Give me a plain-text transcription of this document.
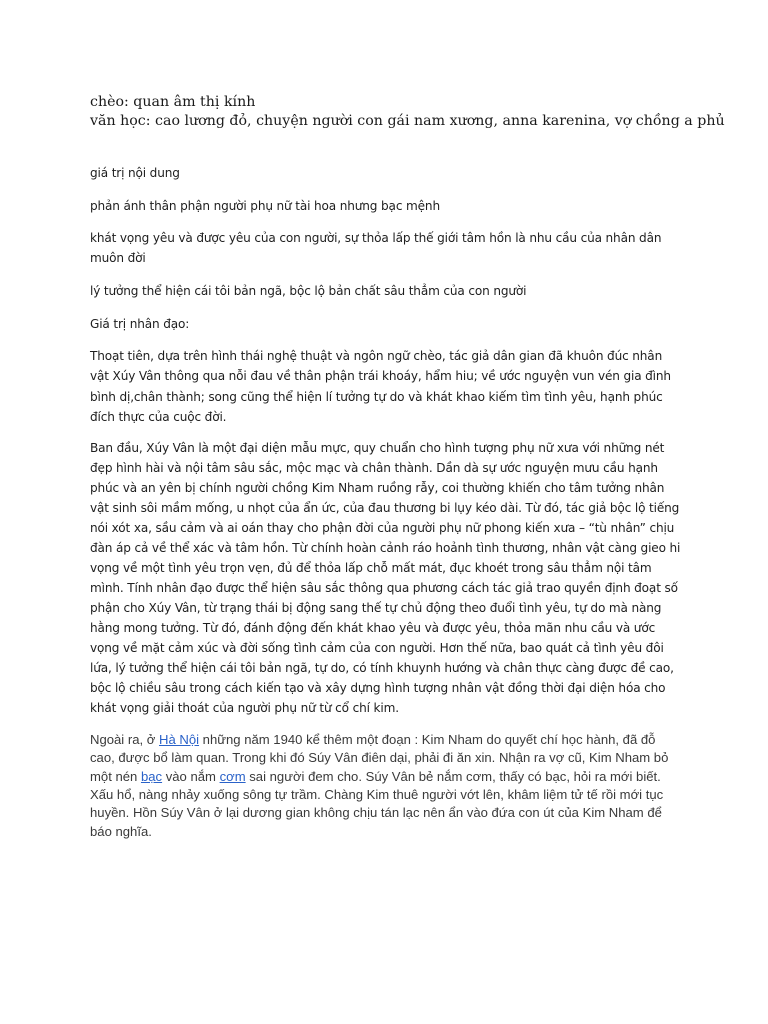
chèo: quan âm thị kính
văn học: cao lương đỏ, chuyện người con gái nam xương, anna karenina, vợ chồng a phủ

giá trị nội dung

phản ánh thân phận người phụ nữ tài hoa nhưng bạc mệnh

khát vọng yêu và được yêu của con người, sự thỏa lấp thế giới tâm hồn là nhu cầu của nhân dân muôn đời

lý tưởng thể hiện cái tôi bản ngã, bộc lộ bản chất sâu thẳm của con người

Giá trị nhân đạo:

Thoạt tiên, dựa trên hình thái nghệ thuật và ngôn ngữ chèo, tác giả dân gian đã khuôn đúc nhân vật Xúy Vân thông qua nỗi đau về thân phận trái khoáy, hẩm hiu; về ước nguyện vun vén gia đình bình dị,chân thành; song cũng thể hiện lí tưởng tự do và khát khao kiếm tìm tình yêu, hạnh phúc đích thực của cuộc đời.

Ban đầu, Xúy Vân là một đại diện mẫu mực, quy chuẩn cho hình tượng phụ nữ xưa với những nét đẹp hình hài và nội tâm sâu sắc, mộc mạc và chân thành. Dần dà sự ước nguyện mưu cầu hạnh phúc và an yên bị chính người chồng Kim Nham ruồng rẫy, coi thường khiến cho tâm tưởng nhân vật sinh sôi mầm mống, u nhọt của ẩn ức, của đau thương bi lụy kéo dài. Từ đó, tác giả bộc lộ tiếng nói xót xa, sầu cảm và ai oán thay cho phận đời của người phụ nữ phong kiến xưa – “tù nhân” chịu đàn áp cả về thể xác và tâm hồn. Từ chính hoàn cảnh ráo hoảnh tình thương, nhân vật càng gieo hi vọng về một tình yêu trọn vẹn, đủ để thỏa lấp chỗ mất mát, đục khoét trong sâu thẳm nội tâm mình. Tính nhân đạo được thể hiện sâu sắc thông qua phương cách tác giả trao quyền định đoạt số phận cho Xúy Vân, từ trạng thái bị động sang thế tự chủ động theo đuổi tình yêu, tự do mà nàng hằng mong tưởng. Từ đó, đánh động đến khát khao yêu và được yêu, thỏa mãn nhu cầu và ước vọng về mặt cảm xúc và đời sống tình cảm của con người. Hơn thế nữa, bao quát cả tình yêu đôi lứa, lý tưởng thể hiện cái tôi bản ngã, tự do, có tính khuynh hướng và chân thực càng được đề cao, bộc lộ chiều sâu trong cách kiến tạo và xây dựng hình tượng nhân vật đồng thời đại diện hóa cho khát vọng giải thoát của người phụ nữ từ cổ chí kim.

Ngoài ra, ở Hà Nội những năm 1940 kể thêm một đoạn : Kim Nham do quyết chí học hành, đã đỗ cao, được bổ làm quan. Trong khi đó Súy Vân điên dại, phải đi ăn xin. Nhận ra vợ cũ, Kim Nham bỏ một nén bạc vào nắm cơm sai người đem cho. Súy Vân bẻ nắm cơm, thấy có bạc, hỏi ra mới biết. Xấu hổ, nàng nhảy xuống sông tự trầm. Chàng Kim thuê người vớt lên, khâm liệm tử tế rồi mới tục huyền. Hồn Súy Vân ở lại dương gian không chịu tán lạc nên ẩn vào đứa con út của Kim Nham để báo nghĩa.
